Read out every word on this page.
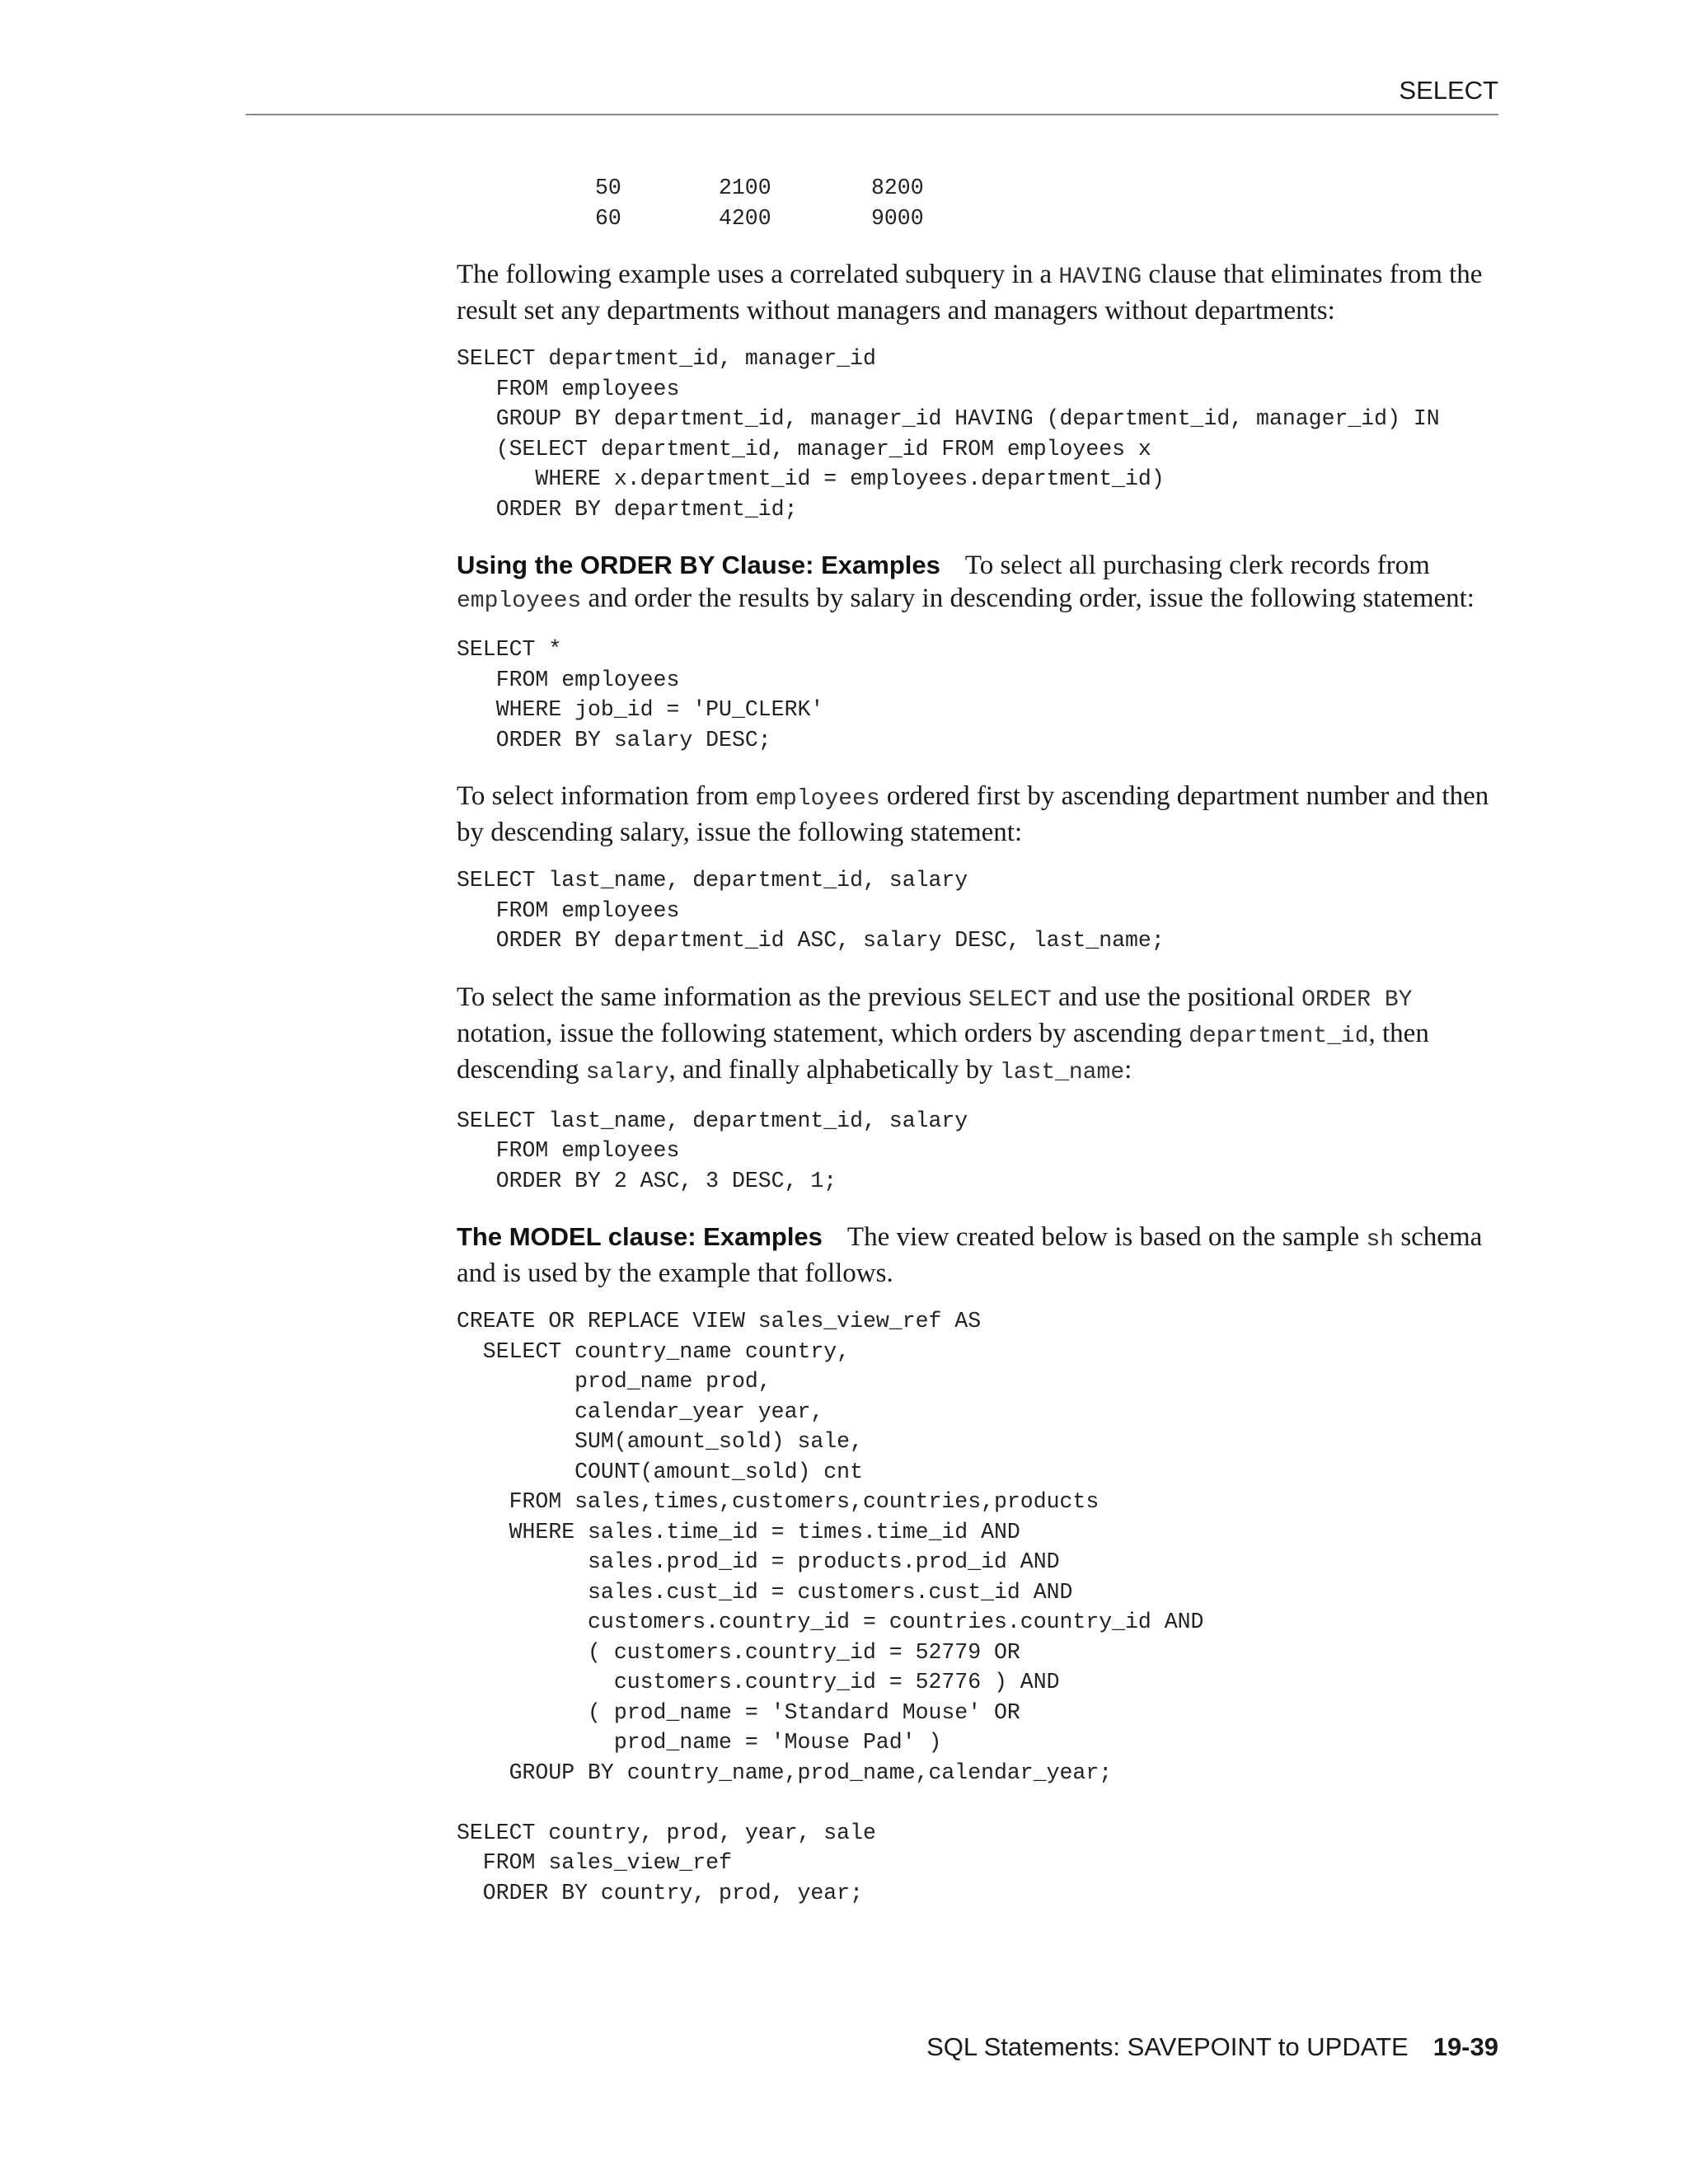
SELECT
50	2100	8200
60	4200	9000

The following example uses a correlated subquery in a HAVING clause that eliminates from the result set any departments without managers and managers without departments:

SELECT department_id, manager_id
FROM employees
GROUP BY department_id, manager_id HAVING (department_id, manager_id) IN
(SELECT department_id, manager_id FROM employees x
WHERE x.department_id = employees.department_id)
ORDER BY department_id;

Using the ORDER BY Clause: Examples To select all purchasing clerk records from employees and order the results by salary in descending order, issue the following statement:

SELECT *
FROM employees
WHERE job_id = 'PU_CLERK'
ORDER BY salary DESC;

To select information from employees ordered first by ascending department number and then by descending salary, issue the following statement:

SELECT last_name, department_id, salary
FROM employees
ORDER BY department_id ASC, salary DESC, last_name;

To select the same information as the previous SELECT and use the positional ORDER BY notation, issue the following statement, which orders by ascending department_id, then descending salary, and finally alphabetically by last_name:

SELECT last_name, department_id, salary
FROM employees
ORDER BY 2 ASC, 3 DESC, 1;

The MODEL clause: Examples The view created below is based on the sample sh schema and is used by the example that follows.

CREATE OR REPLACE VIEW sales_view_ref AS
SELECT country_name country,
prod_name prod,
calendar_year year,
SUM(amount_sold) sale,
COUNT(amount_sold) cnt
FROM sales,times,customers,countries,products
WHERE sales.time_id = times.time_id AND
sales.prod_id = products.prod_id AND
sales.cust_id = customers.cust_id AND
customers.country_id = countries.country_id AND
( customers.country_id = 52779 OR
customers.country_id = 52776 ) AND
( prod_name = 'Standard Mouse' OR
prod_name = 'Mouse Pad' )
GROUP BY country_name,prod_name,calendar_year;

SELECT country, prod, year, sale
FROM sales_view_ref
ORDER BY country, prod, year;
SQL Statements: SAVEPOINT to UPDATE 19-39
